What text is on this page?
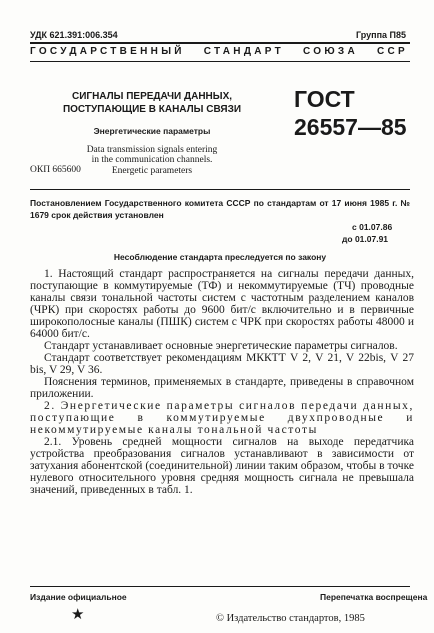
УДК 621.391:006.354	Группа П85

ГОСУДАРСТВЕННЫЙ СТАНДАРТ СОЮЗА ССР

СИГНАЛЫ ПЕРЕДАЧИ ДАННЫХ,
ПОСТУПАЮЩИЕ В КАНАЛЫ СВЯЗИ

Энергетические параметры

Data transmission signals entering
in the communication channels.
Energetic parameters

ГОСТ

26557—85

ОКП 665600

Постановлением Государственного комитета СССР по стандартам от 17 июня 1985 г. № 1679 срок действия установлен

с 01.07.86

до 01.07.91

Несоблюдение стандарта преследуется по закону

1. Настоящий стандарт распространяется на сигналы передачи данных, поступающие в коммутируемые (ТФ) и некоммутируемые (ТЧ) проводные каналы связи тональной частоты систем с частотным разделением каналов (ЧРК) при скоростях работы до 9600 бит/с включительно и в первичные широкополосные каналы (ПШК) систем с ЧРК при скоростях работы 48000 и 64000 бит/с.

Стандарт устанавливает основные энергетические параметры сигналов.

Стандарт соответствует рекомендациям МККТТ V 2, V 21, V 22bis, V 27 bis, V 29, V 36.

Пояснения терминов, применяемых в стандарте, приведены в справочном приложении.

2. Энергетические параметры сигналов передачи данных, поступающие в коммутируемые двухпроводные и некоммутируемые каналы тональной частоты

2.1. Уровень средней мощности сигналов на выходе передатчика устройства преобразования сигналов устанавливают в зависимости от затухания абонентской (соединительной) линии таким образом, чтобы в точке нулевого относительного уровня средняя мощность сигнала не превышала значений, приведенных в табл. 1.

Издание официальное	Перепечатка воспрещена

★	© Издательство стандартов, 1985
